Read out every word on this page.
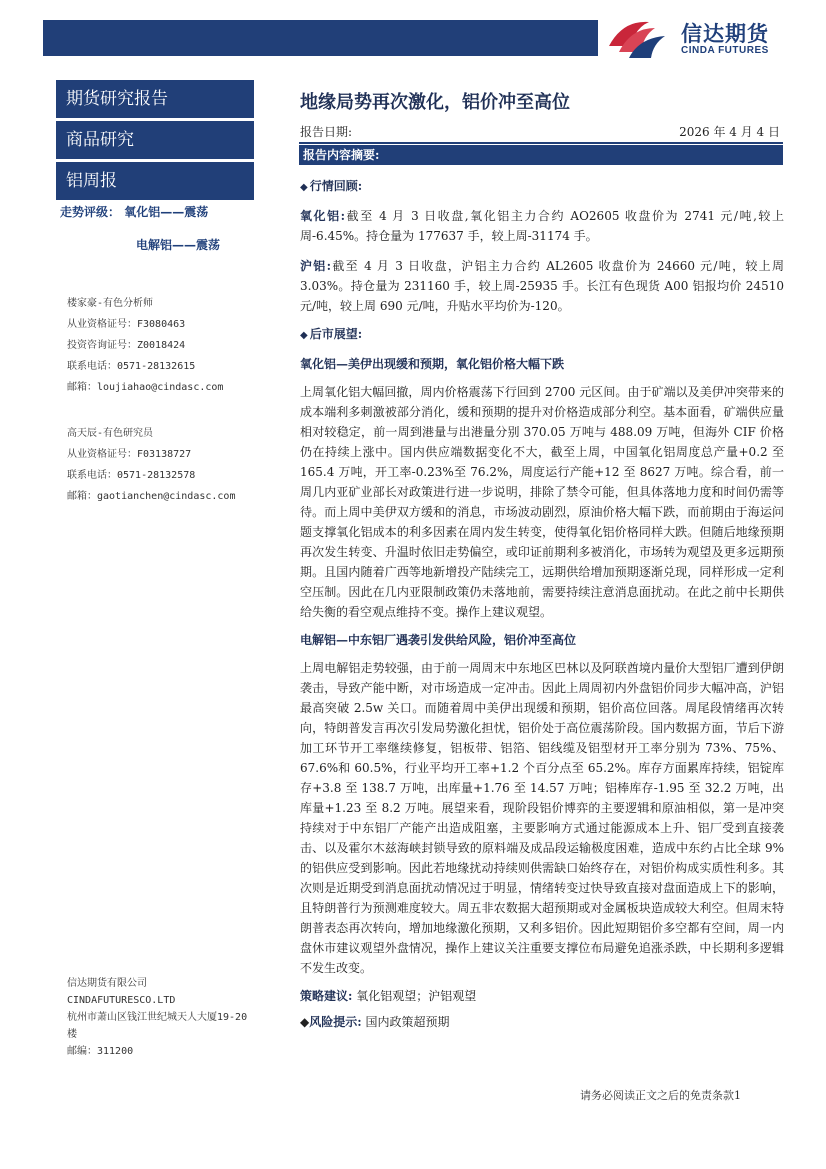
信达期货
CINDA FUTURES
期货研究报告
商品研究
铝周报
走势评级： 氧化铝——震荡
电解铝——震荡
楼家豪-有色分析师
从业资格证号：F3080463
投资咨询证号：Z0018424
联系电话：0571-28132615
邮箱：loujiahao@cindasc.com
高天辰-有色研究员
从业资格证号：F03138727
联系电话：0571-28132578
邮箱：gaotianchen@cindasc.com
信达期货有限公司
CINDAFUTURESCO.LTD
杭州市萧山区钱江世纪城天人大厦19-20楼
邮编：311200
地缘局势再次激化，铝价冲至高位
报告日期:	2026 年 4 月 4 日
报告内容摘要:

◆ 行情回顾:

氧化铝:截至 4 月 3 日收盘,氧化铝主力合约 AO2605 收盘价为 2741 元/吨,较上周-6.45%。持仓量为 177637 手，较上周-31174 手。

沪铝:截至 4 月 3 日收盘，沪铝主力合约 AL2605 收盘价为 24660 元/吨，较上周 3.03%。持仓量为 231160 手，较上周-25935 手。长江有色现货 A00 铝报均价 24510 元/吨，较上周 690 元/吨，升贴水平均价为-120。

◆ 后市展望:

氧化铝—美伊出现缓和预期，氧化铝价格大幅下跌

上周氧化铝大幅回撤，周内价格震荡下行回到 2700 元区间。由于矿端以及美伊冲突带来的成本端利多刺激被部分消化，缓和预期的提升对价格造成部分利空。基本面看，矿端供应量相对较稳定，前一周到港量与出港量分别 370.05 万吨与 488.09 万吨，但海外 CIF 价格仍在持续上涨中。国内供应端数据变化不大，截至上周，中国氧化铝周度总产量+0.2 至 165.4 万吨，开工率-0.23%至 76.2%，周度运行产能+12 至 8627 万吨。综合看，前一周几内亚矿业部长对政策进行进一步说明，排除了禁令可能，但具体落地力度和时间仍需等待。而上周中美伊双方缓和的消息，市场波动剧烈，原油价格大幅下跌，而前期由于海运问题支撑氧化铝成本的利多因素在周内发生转变，使得氧化铝价格同样大跌。但随后地缘预期再次发生转变、升温时依旧走势偏空，或印证前期利多被消化，市场转为观望及更多远期预期。且国内随着广西等地新增投产陆续完工，远期供给增加预期逐渐兑现，同样形成一定利空压制。因此在几内亚限制政策仍未落地前，需要持续注意消息面扰动。在此之前中长期供给失衡的看空观点维持不变。操作上建议观望。

电解铝—中东铝厂遇袭引发供给风险，铝价冲至高位

上周电解铝走势较强，由于前一周周末中东地区巴林以及阿联酋境内量价大型铝厂遭到伊朗袭击，导致产能中断，对市场造成一定冲击。因此上周周初内外盘铝价同步大幅冲高，沪铝最高突破 2.5w 关口。而随着周中美伊出现缓和预期，铝价高位回落。周尾段情绪再次转向，特朗普发言再次引发局势激化担忧，铝价处于高位震荡阶段。国内数据方面，节后下游加工环节开工率继续修复，铝板带、铝箔、铝线缆及铝型材开工率分别为 73%、75%、67.6%和 60.5%，行业平均开工率+1.2 个百分点至 65.2%。库存方面累库持续，铝锭库存+3.8 至 138.7 万吨，出库量+1.76 至 14.57 万吨；铝棒库存-1.95 至 32.2 万吨，出库量+1.23 至 8.2 万吨。展望来看，现阶段铝价博弈的主要逻辑和原油相似，第一是冲突持续对于中东铝厂产能产出造成阻塞，主要影响方式通过能源成本上升、铝厂受到直接袭击、以及霍尔木兹海峡封锁导致的原料端及成品段运输极度困难，造成中东约占比全球 9%的铝供应受到影响。因此若地缘扰动持续则供需缺口始终存在，对铝价构成实质性利多。其次则是近期受到消息面扰动情况过于明显，情绪转变过快导致直接对盘面造成上下的影响，且特朗普行为预测难度较大。周五非农数据大超预期或对金属板块造成较大利空。但周末特朗普表态再次转向，增加地缘激化预期，又利多铝价。因此短期铝价多空都有空间，周一内盘休市建议观望外盘情况，操作上建议关注重要支撑位布局避免追涨杀跌，中长期利多逻辑不发生改变。

策略建议: 氧化铝观望；沪铝观望

◆风险提示: 国内政策超预期

请务必阅读正文之后的免责条款1
